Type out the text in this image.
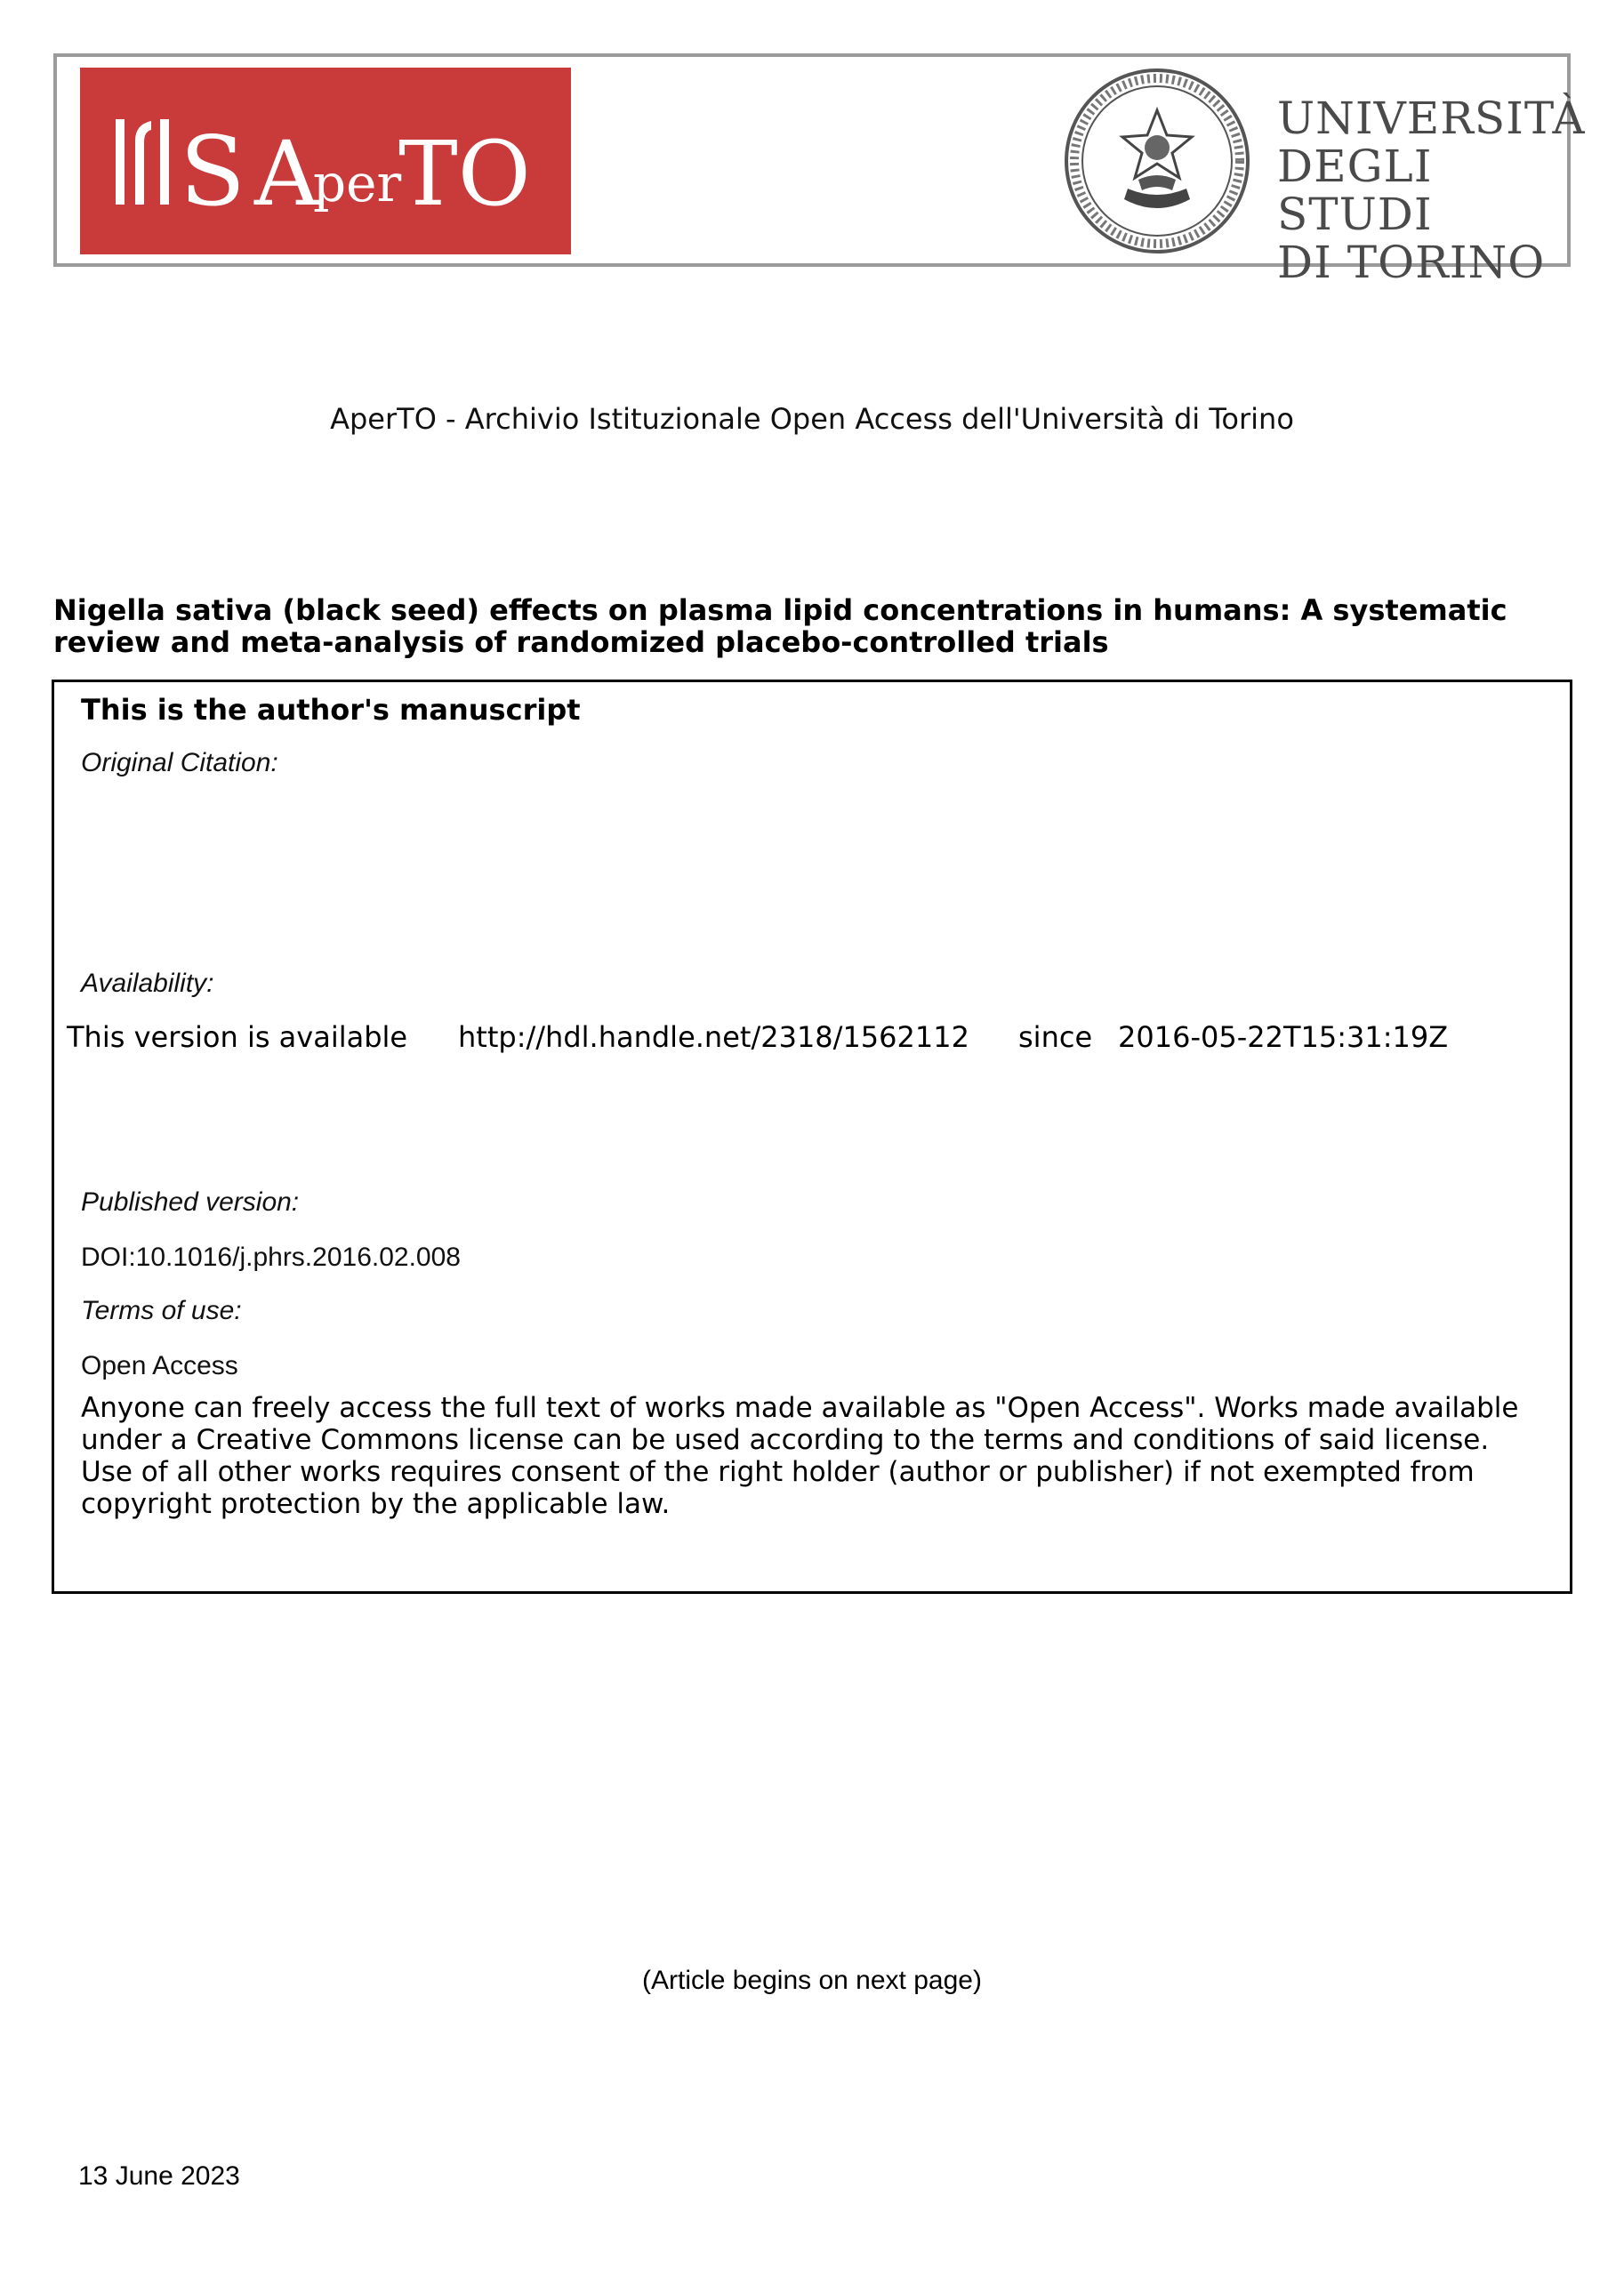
S A
per
TO
UNIVERSITÀ
DEGLI STUDI
DI TORINO
AperTO - Archivio Istituzionale Open Access dell'Università di Torino
Nigella sativa (black seed) effects on plasma lipid concentrations in humans: A systematic review and meta-analysis of randomized placebo-controlled trials
This is the author's manuscript
Original Citation:
Availability:
This version is available http://hdl.handle.net/2318/1562112 since 2016-05-22T15:31:19Z
Published version:
DOI:10.1016/j.phrs.2016.02.008
Terms of use:
Open Access
Anyone can freely access the full text of works made available as "Open Access". Works made available under a Creative Commons license can be used according to the terms and conditions of said license. Use of all other works requires consent of the right holder (author or publisher) if not exempted from copyright protection by the applicable law.
(Article begins on next page)
13 June 2023
